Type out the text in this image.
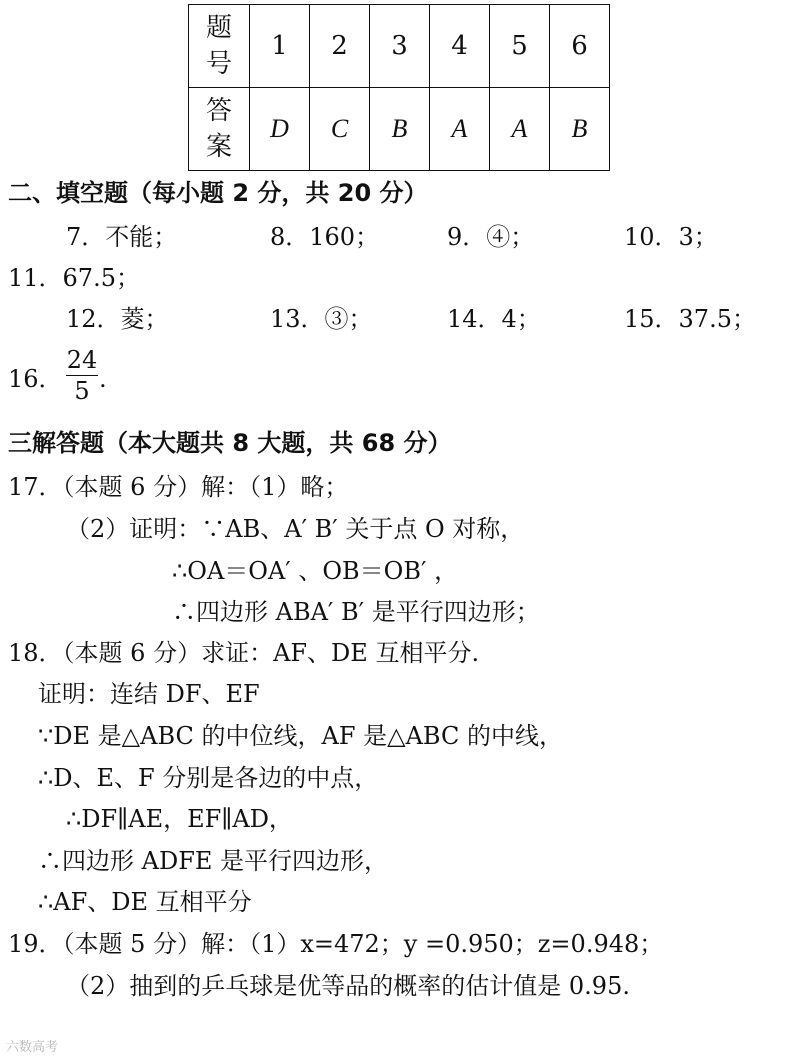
题
号	1	2	3	4	5	6

答
案	D	C	B	A	A	B
二、填空题（每小题 2 分，共 20 分）
7．不能；	8．160；	9．④；	10．3；
11．67.5；
12．菱；	13．③；	14．4；	15．37.5；
16．
24
5 .
三解答题（本大题共 8 大题，共 68 分）
17．（本题 6 分）解：（1）略；
（2）证明：∵AB、A′ B′ 关于点 O 对称，
∴OA＝OA′ 、OB＝OB′ ，
∴四边形 ABA′ B′ 是平行四边形；
18．（本题 6 分）求证：AF、DE 互相平分.
证明：连结 DF、EF
∵DE 是△ABC 的中位线，AF 是△ABC 的中线，
∴D、E、F 分别是各边的中点，
∴DF∥AE，EF∥AD，
∴四边形 ADFE 是平行四边形，
∴AF、DE 互相平分
19．（本题 5 分）解：（1）x=472；y =0.950；z=0.948；
（2）抽到的乒乓球是优等品的概率的估计值是 0.95.
六数高考
